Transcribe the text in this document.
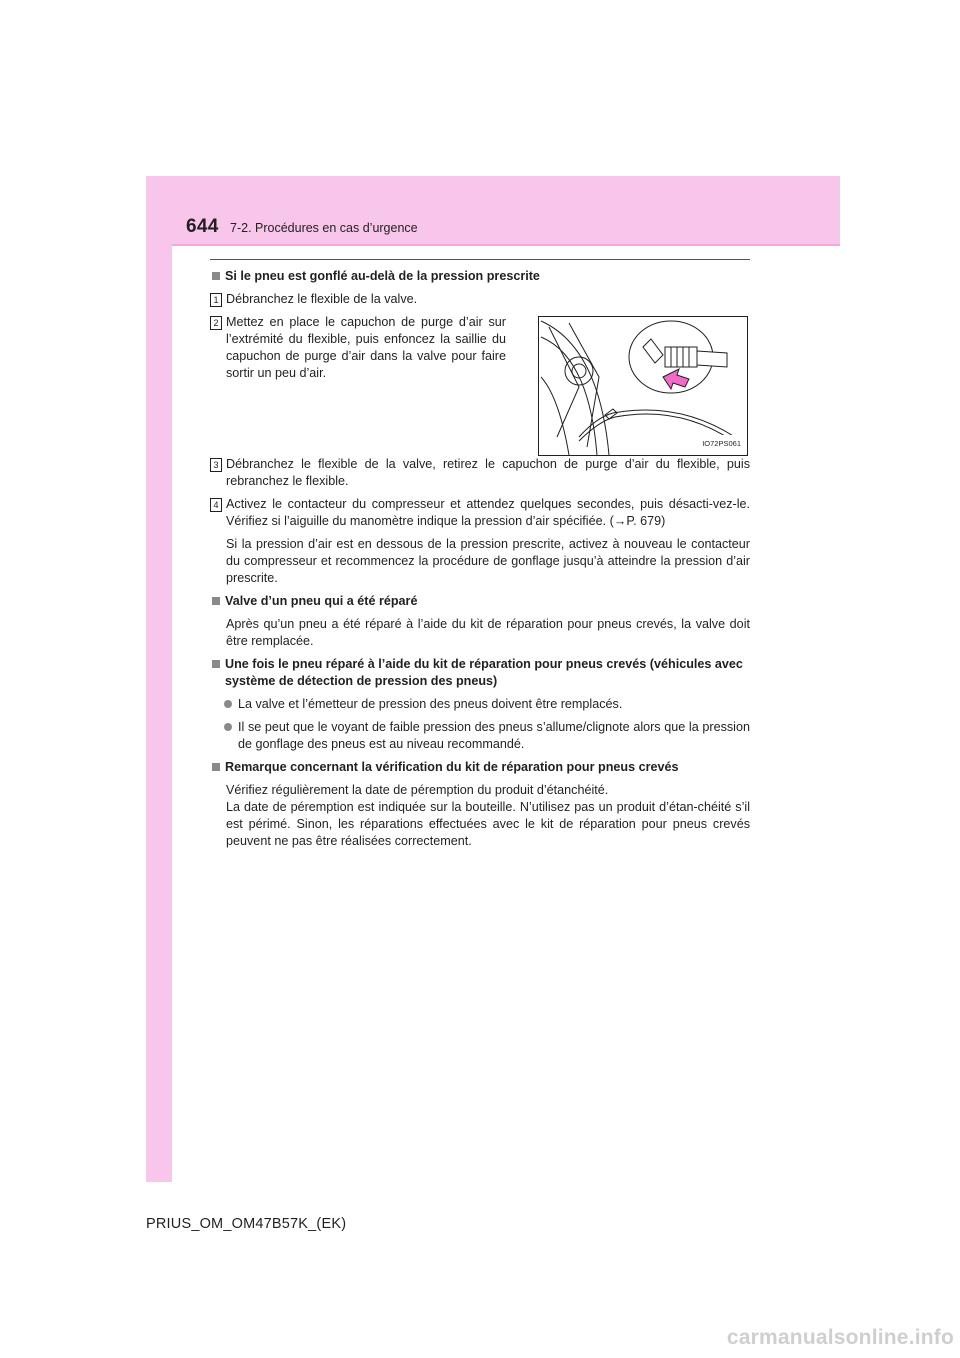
644 7-2. Procédures en cas d’urgence
Si le pneu est gonflé au-delà de la pression prescrite
1 Débranchez le flexible de la valve.
2 Mettez en place le capuchon de purge d’air sur l’extrémité du flexible, puis enfoncez la saillie du capuchon de purge d’air dans la valve pour faire sortir un peu d’air.
IO72PS061
3 Débranchez le flexible de la valve, retirez le capuchon de purge d’air du flexible, puis rebranchez le flexible.
4 Activez le contacteur du compresseur et attendez quelques secondes, puis désacti-vez-le. Vérifiez si l’aiguille du manomètre indique la pression d’air spécifiée. (→P. 679)
Si la pression d’air est en dessous de la pression prescrite, activez à nouveau le contacteur du compresseur et recommencez la procédure de gonflage jusqu’à atteindre la pression d’air prescrite.
Valve d’un pneu qui a été réparé
Après qu’un pneu a été réparé à l’aide du kit de réparation pour pneus crevés, la valve doit être remplacée.
Une fois le pneu réparé à l’aide du kit de réparation pour pneus crevés (véhicules avec système de détection de pression des pneus)
La valve et l’émetteur de pression des pneus doivent être remplacés.
Il se peut que le voyant de faible pression des pneus s’allume/clignote alors que la pression de gonflage des pneus est au niveau recommandé.
Remarque concernant la vérification du kit de réparation pour pneus crevés
Vérifiez régulièrement la date de péremption du produit d’étanchéité.
La date de péremption est indiquée sur la bouteille. N’utilisez pas un produit d’étan-chéité s’il est périmé. Sinon, les réparations effectuées avec le kit de réparation pour pneus crevés peuvent ne pas être réalisées correctement.
PRIUS_OM_OM47B57K_(EK)
carmanualsonline.info
